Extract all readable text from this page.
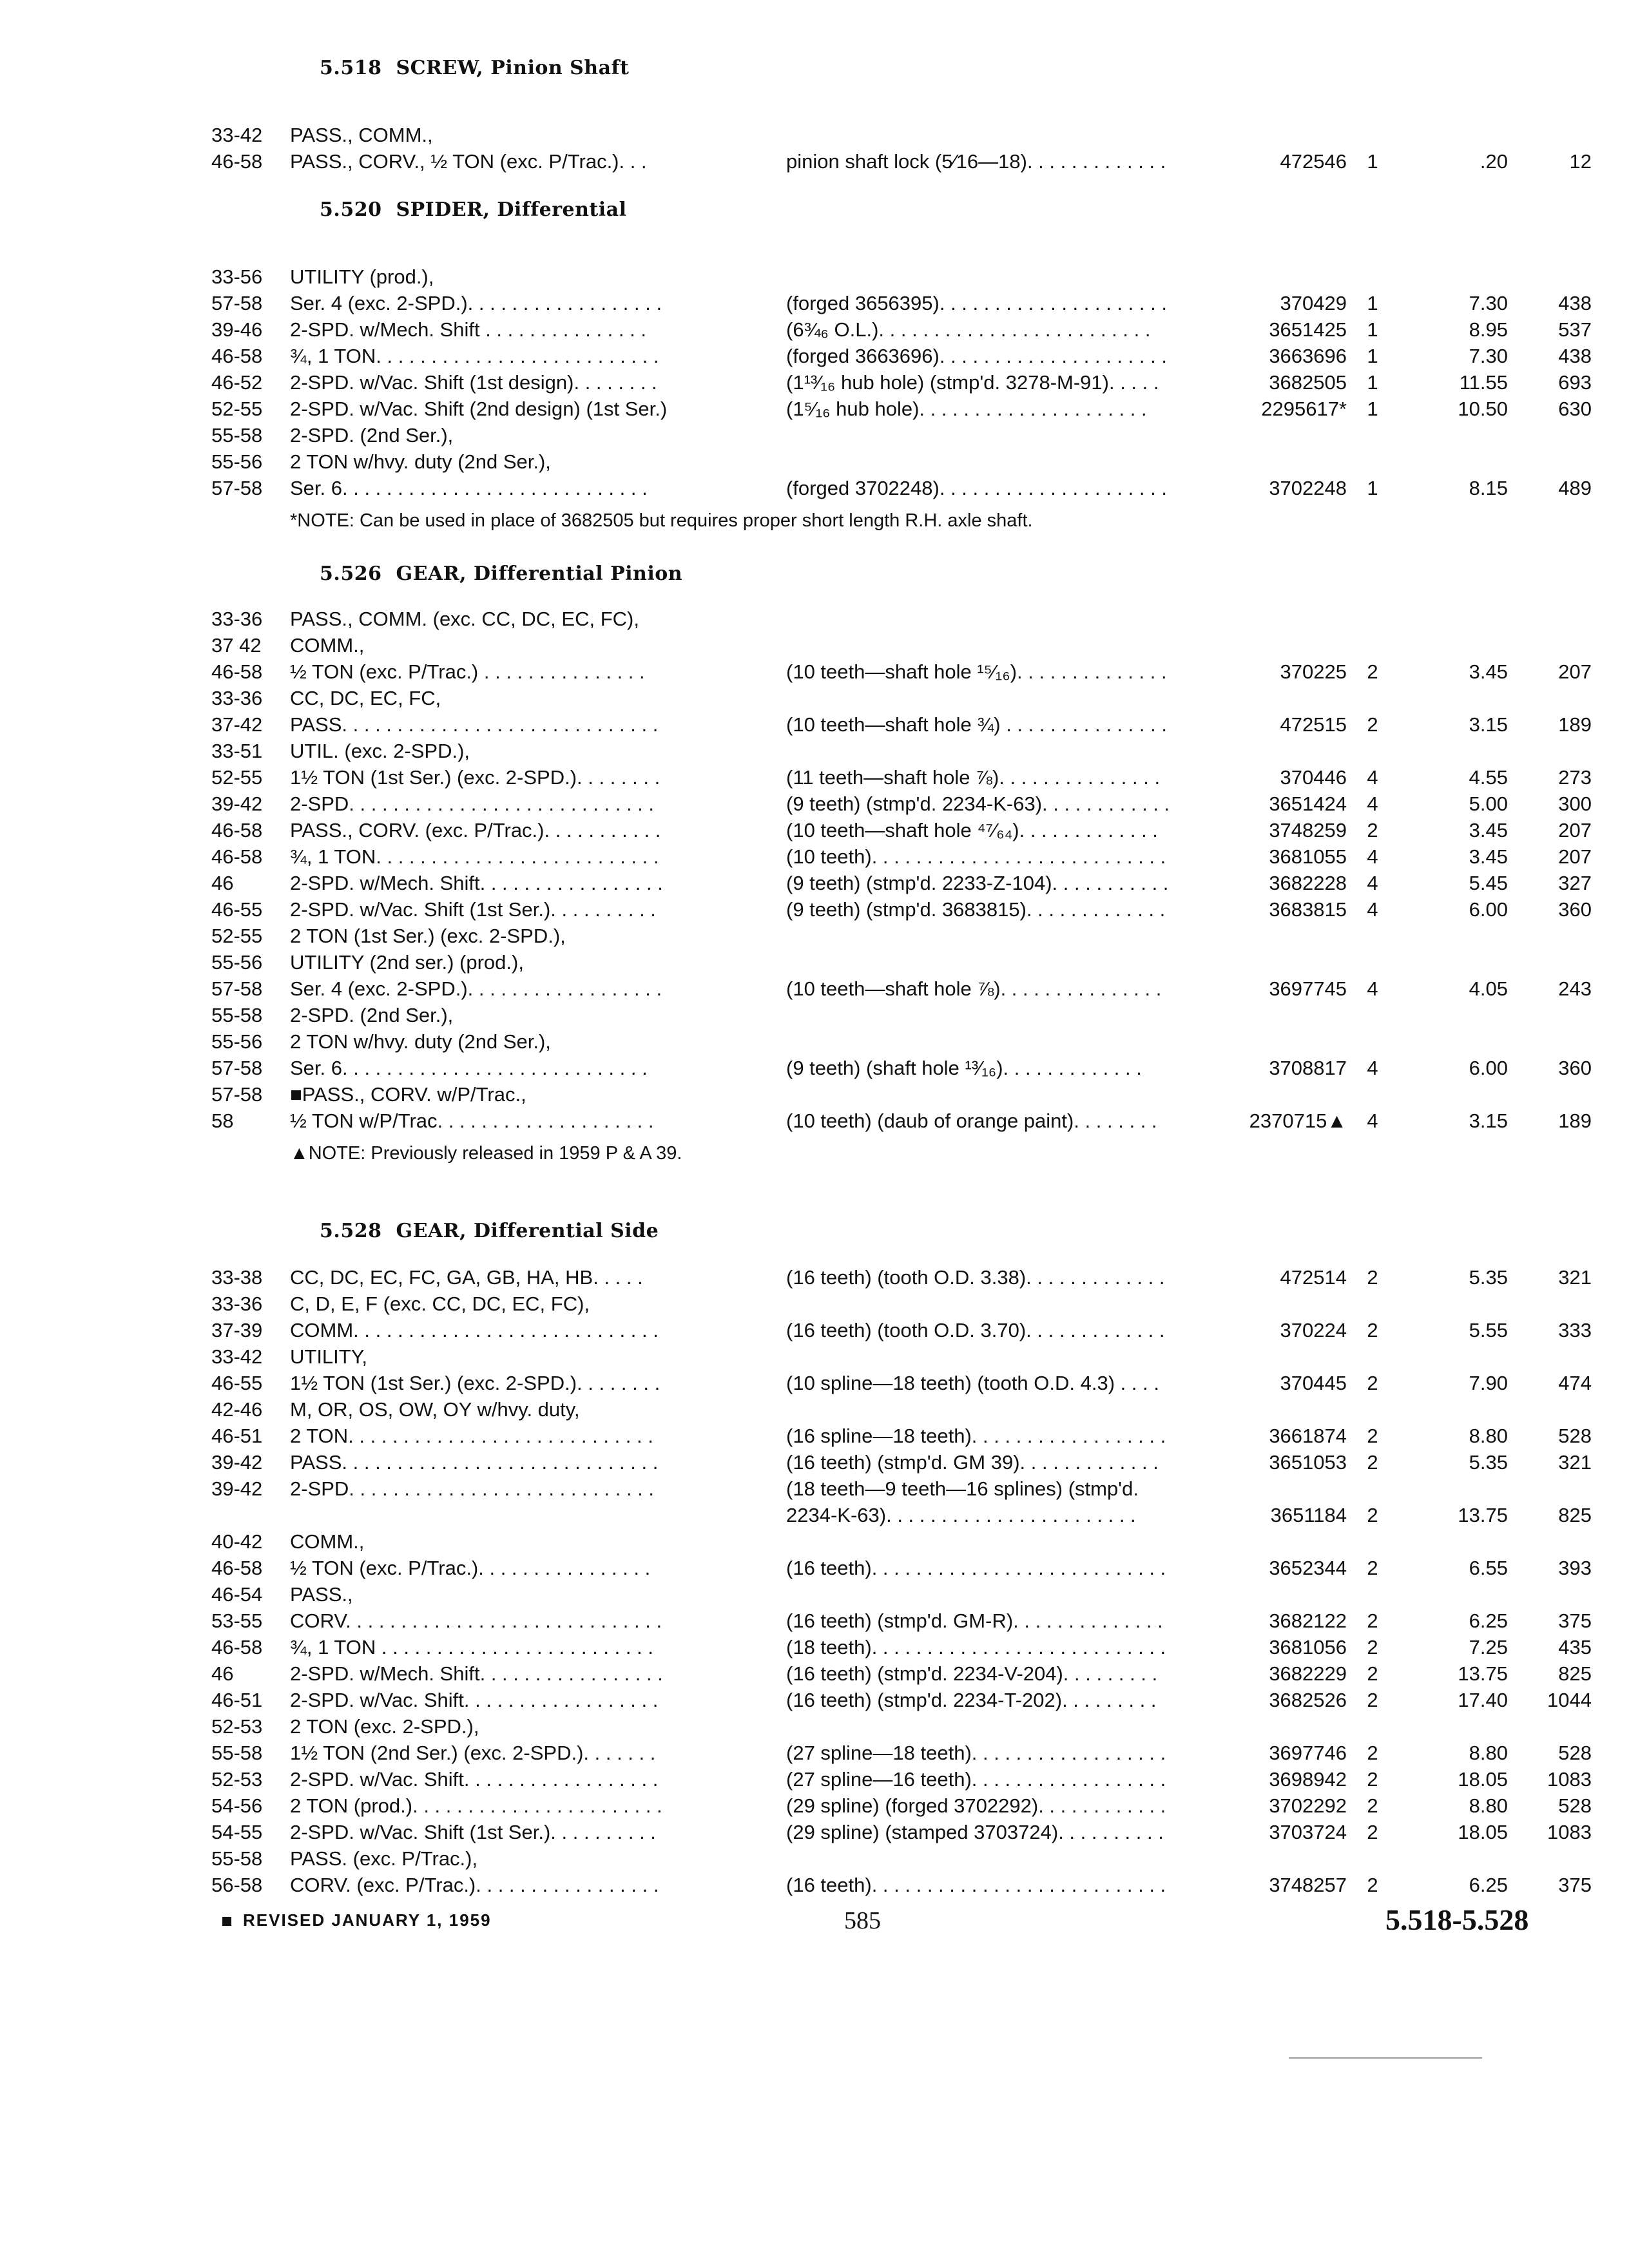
5.518 SCREW, Pinion Shaft
33-42	PASS., COMM.,
46-58	PASS., CORV., ½ TON (exc. P/Trac.). . .	pinion shaft lock (5⁄16—18). . . . . . . . . . . . .	472546	1	.20	12
5.520 SPIDER, Differential
33-56	UTILITY (prod.),
57-58	Ser. 4 (exc. 2-SPD.). . . . . . . . . . . . . . . . . .	(forged 3656395). . . . . . . . . . . . . . . . . . . . .	370429	1	7.30	438
39-46	2-SPD. w/Mech. Shift . . . . . . . . . . . . . . .	(6¾₆ O.L.). . . . . . . . . . . . . . . . . . . . . . . . .	3651425	1	8.95	537
46-58	¾, 1 TON. . . . . . . . . . . . . . . . . . . . . . . . . .	(forged 3663696). . . . . . . . . . . . . . . . . . . . .	3663696	1	7.30	438
46-52	2-SPD. w/Vac. Shift (1st design). . . . . . . .	(1¹³⁄₁₆ hub hole) (stmp'd. 3278-M-91). . . . .	3682505	1	11.55	693
52-55	2-SPD. w/Vac. Shift (2nd design) (1st Ser.)	(1⁵⁄₁₆ hub hole). . . . . . . . . . . . . . . . . . . . .	2295617*	1	10.50	630
55-58	2-SPD. (2nd Ser.),
55-56	2 TON w/hvy. duty (2nd Ser.),
57-58	Ser. 6. . . . . . . . . . . . . . . . . . . . . . . . . . . .	(forged 3702248). . . . . . . . . . . . . . . . . . . . .	3702248	1	8.15	489
*NOTE: Can be used in place of 3682505 but requires proper short length R.H. axle shaft.
5.526 GEAR, Differential Pinion
33-36	PASS., COMM. (exc. CC, DC, EC, FC),
37 42	COMM.,
46-58	½ TON (exc. P/Trac.) . . . . . . . . . . . . . . .	(10 teeth—shaft hole ¹⁵⁄₁₆). . . . . . . . . . . . . .	370225	2	3.45	207
33-36	CC, DC, EC, FC,
37-42	PASS. . . . . . . . . . . . . . . . . . . . . . . . . . . . .	(10 teeth—shaft hole ¾) . . . . . . . . . . . . . . .	472515	2	3.15	189
33-51	UTIL. (exc. 2-SPD.),
52-55	1½ TON (1st Ser.) (exc. 2-SPD.). . . . . . . .	(11 teeth—shaft hole ⅞). . . . . . . . . . . . . . .	370446	4	4.55	273
39-42	2-SPD. . . . . . . . . . . . . . . . . . . . . . . . . . . .	(9 teeth) (stmp'd. 2234-K-63). . . . . . . . . . . .	3651424	4	5.00	300
46-58	PASS., CORV. (exc. P/Trac.). . . . . . . . . . .	(10 teeth—shaft hole ⁴⁷⁄₆₄). . . . . . . . . . . . .	3748259	2	3.45	207
46-58	¾, 1 TON. . . . . . . . . . . . . . . . . . . . . . . . . .	(10 teeth). . . . . . . . . . . . . . . . . . . . . . . . . . .	3681055	4	3.45	207
46	2-SPD. w/Mech. Shift. . . . . . . . . . . . . . . . .	(9 teeth) (stmp'd. 2233-Z-104). . . . . . . . . . .	3682228	4	5.45	327
46-55	2-SPD. w/Vac. Shift (1st Ser.). . . . . . . . . .	(9 teeth) (stmp'd. 3683815). . . . . . . . . . . . .	3683815	4	6.00	360
52-55	2 TON (1st Ser.) (exc. 2-SPD.),
55-56	UTILITY (2nd ser.) (prod.),
57-58	Ser. 4 (exc. 2-SPD.). . . . . . . . . . . . . . . . . .	(10 teeth—shaft hole ⅞). . . . . . . . . . . . . . .	3697745	4	4.05	243
55-58	2-SPD. (2nd Ser.),
55-56	2 TON w/hvy. duty (2nd Ser.),
57-58	Ser. 6. . . . . . . . . . . . . . . . . . . . . . . . . . . .	(9 teeth) (shaft hole ¹³⁄₁₆). . . . . . . . . . . . .	3708817	4	6.00	360
57-58	■PASS., CORV. w/P/Trac.,
58	½ TON w/P/Trac. . . . . . . . . . . . . . . . . . . .	(10 teeth) (daub of orange paint). . . . . . . .	2370715▲	4	3.15	189
▲NOTE: Previously released in 1959 P & A 39.
5.528 GEAR, Differential Side
33-38	CC, DC, EC, FC, GA, GB, HA, HB. . . . .	(16 teeth) (tooth O.D. 3.38). . . . . . . . . . . . .	472514	2	5.35	321
33-36	C, D, E, F (exc. CC, DC, EC, FC),
37-39	COMM. . . . . . . . . . . . . . . . . . . . . . . . . . . .	(16 teeth) (tooth O.D. 3.70). . . . . . . . . . . . .	370224	2	5.55	333
33-42	UTILITY,
46-55	1½ TON (1st Ser.) (exc. 2-SPD.). . . . . . . .	(10 spline—18 teeth) (tooth O.D. 4.3) . . . .	370445	2	7.90	474
42-46	M, OR, OS, OW, OY w/hvy. duty,
46-51	2 TON. . . . . . . . . . . . . . . . . . . . . . . . . . . .	(16 spline—18 teeth). . . . . . . . . . . . . . . . . .	3661874	2	8.80	528
39-42	PASS. . . . . . . . . . . . . . . . . . . . . . . . . . . . .	(16 teeth) (stmp'd. GM 39). . . . . . . . . . . . .	3651053	2	5.35	321
39-42	2-SPD. . . . . . . . . . . . . . . . . . . . . . . . . . . .	(18 teeth—9 teeth—16 splines) (stmp'd.
2234-K-63). . . . . . . . . . . . . . . . . . . . . . .	3651184	2	13.75	825
40-42	COMM.,
46-58	½ TON (exc. P/Trac.). . . . . . . . . . . . . . . .	(16 teeth). . . . . . . . . . . . . . . . . . . . . . . . . . .	3652344	2	6.55	393
46-54	PASS.,
53-55	CORV. . . . . . . . . . . . . . . . . . . . . . . . . . . . .	(16 teeth) (stmp'd. GM-R). . . . . . . . . . . . . .	3682122	2	6.25	375
46-58	¾, 1 TON . . . . . . . . . . . . . . . . . . . . . . . . .	(18 teeth). . . . . . . . . . . . . . . . . . . . . . . . . . .	3681056	2	7.25	435
46	2-SPD. w/Mech. Shift. . . . . . . . . . . . . . . . .	(16 teeth) (stmp'd. 2234-V-204). . . . . . . . .	3682229	2	13.75	825
46-51	2-SPD. w/Vac. Shift. . . . . . . . . . . . . . . . . .	(16 teeth) (stmp'd. 2234-T-202). . . . . . . . .	3682526	2	17.40	1044
52-53	2 TON (exc. 2-SPD.),
55-58	1½ TON (2nd Ser.) (exc. 2-SPD.). . . . . . .	(27 spline—18 teeth). . . . . . . . . . . . . . . . . .	3697746	2	8.80	528
52-53	2-SPD. w/Vac. Shift. . . . . . . . . . . . . . . . . .	(27 spline—16 teeth). . . . . . . . . . . . . . . . . .	3698942	2	18.05	1083
54-56	2 TON (prod.). . . . . . . . . . . . . . . . . . . . . . .	(29 spline) (forged 3702292). . . . . . . . . . . .	3702292	2	8.80	528
54-55	2-SPD. w/Vac. Shift (1st Ser.). . . . . . . . . .	(29 spline) (stamped 3703724). . . . . . . . . .	3703724	2	18.05	1083
55-58	PASS. (exc. P/Trac.),
56-58	CORV. (exc. P/Trac.). . . . . . . . . . . . . . . . .	(16 teeth). . . . . . . . . . . . . . . . . . . . . . . . . . .	3748257	2	6.25	375
REVISED JANUARY 1, 1959	585	5.518-5.528
